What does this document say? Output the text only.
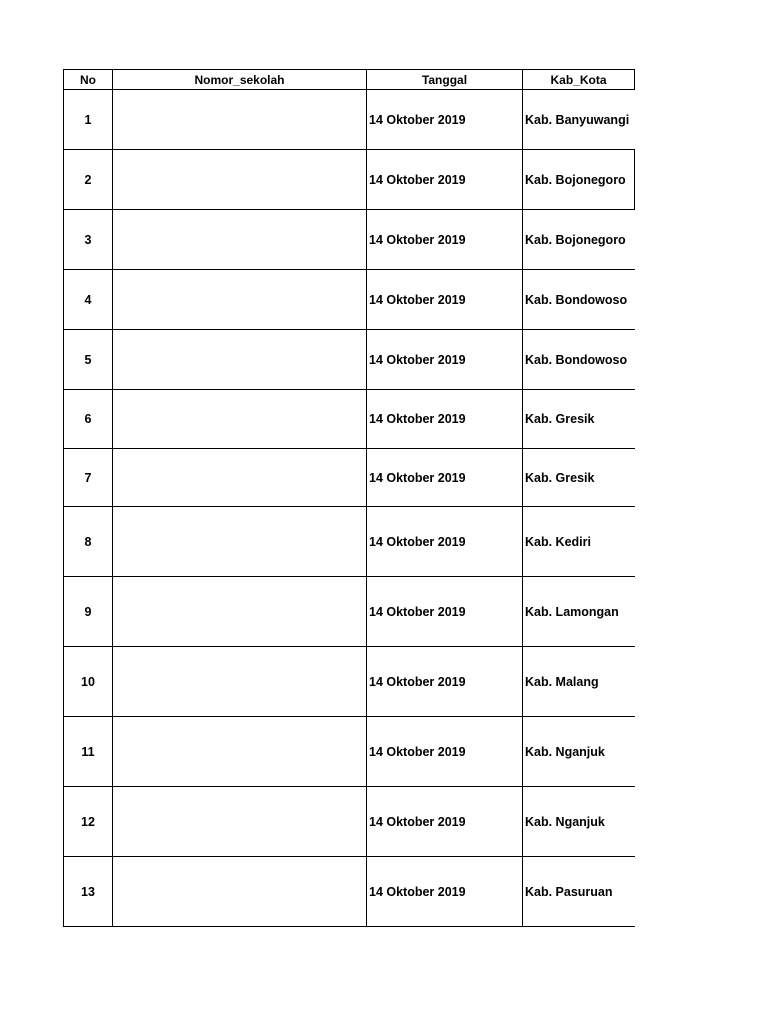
No	Nomor_sekolah	Tanggal	Kab_Kota
1		14 Oktober 2019	Kab. Banyuwangi
2		14 Oktober 2019	Kab. Bojonegoro
3		14 Oktober 2019	Kab. Bojonegoro
4		14 Oktober 2019	Kab. Bondowoso
5		14 Oktober 2019	Kab. Bondowoso
6		14 Oktober 2019	Kab. Gresik
7		14 Oktober 2019	Kab. Gresik
8		14 Oktober 2019	Kab. Kediri
9		14 Oktober 2019	Kab. Lamongan
10		14 Oktober 2019	Kab. Malang
11		14 Oktober 2019	Kab. Nganjuk
12		14 Oktober 2019	Kab. Nganjuk
13		14 Oktober 2019	Kab. Pasuruan
